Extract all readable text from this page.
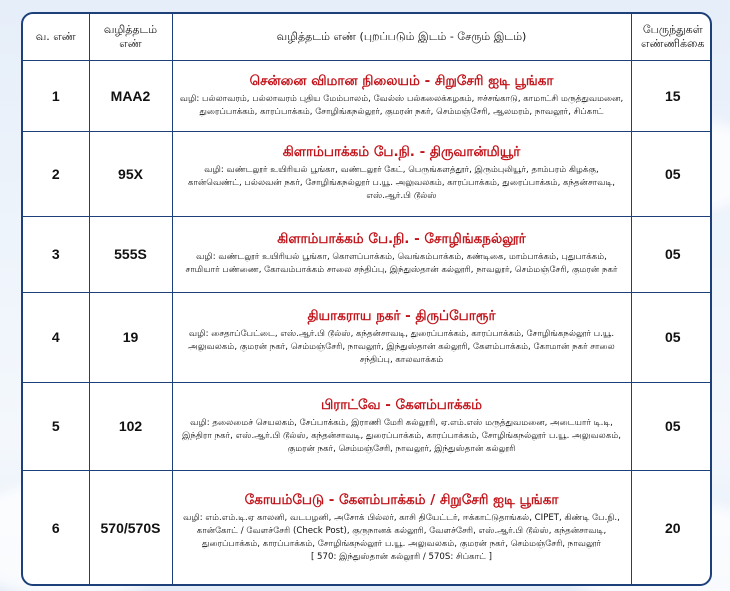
வ. எண்	வழித்தடம் எண்	வழித்தடம் எண் (புறப்படும் இடம் - சேரும் இடம்)	பேருந்துகள் எண்ணிக்கை
1	MAA2	சென்னை விமான நிலையம் - சிறுசேரி ஐடி பூங்கா
வழி: பல்லாவரம், பல்லாவரம் புதிய மேம்பாலம், வேல்ஸ் பல்கலைக்கழகம், ஈச்சங்காடு, காமாட்சி மருத்துவமனை, துரைப்பாக்கம், காரப்பாக்கம், சோழிங்கநல்லூர், குமரன் நகர், செம்மஞ்சேரி, ஆலமரம், நாவலூர், சிப்காட்	15
2	95X	கிளாம்பாக்கம் பே.நி. - திருவான்மியூர்
வழி: வண்டலூர் உயிரியல் பூங்கா, வண்டலூர் கேட், பெருங்களத்தூர், இரும்புலியூர், தாம்பரம் கிழக்கு, கான்வெண்ட், பல்லவன் நகர், சோழிங்கநல்லூர் ப.யூ. அலுவலகம், காரப்பாக்கம், துரைப்பாக்கம், கந்தன்சாவடி, எஸ்.ஆர்.பி டூல்ஸ்	05
3	555S	கிளாம்பாக்கம் பே.நி. - சோழிங்கநல்லூர்
வழி: வண்டலூர் உயிரியல் பூங்கா, கொளப்பாக்கம், வெங்கம்பாக்கம், கண்டிகை, மாம்பாக்கம், புதுபாக்கம், சாமியார் பண்ணை, கோவம்பாக்கம் சாலை சந்திப்பு, இந்துஸ்தான் கல்லூரி, நாவலூர், செம்மஞ்சேரி, குமரன் நகர்	05
4	19	தியாகராய நகர் - திருப்போரூர்
வழி: சைதாப்பேட்டை, எஸ்.ஆர்.பி டூல்ஸ், கந்தன்சாவடி, துரைப்பாக்கம், காரப்பாக்கம், சோழிங்கநல்லூர் ப.யூ. அலுவலகம், குமரன் நகர், செம்மஞ்சேரி, நாவலூர், இந்துஸ்தான் கல்லூரி, கேளம்பாக்கம், கோமான் நகர் சாலை சந்திப்பு, காலவாக்கம்	05
5	102	பிராட்வே - கேளம்பாக்கம்
வழி: தலைமைச் செயலகம், சேப்பாக்கம், இராணி மேரி கல்லூரி, ஏ.எம்.எஸ் மருத்துவமனை, அடையார் டி.டி, இந்திரா நகர், எஸ்.ஆர்.பி டூல்ஸ், கந்தன்சாவடி, துரைப்பாக்கம், காரப்பாக்கம், சோழிங்கநல்லூர் ப.யூ. அலுவலகம், குமரன் நகர், செம்மஞ்சேரி, நாவலூர், இந்துஸ்தான் கல்லூரி	05
6	570/570S	கோயம்பேடு - கேளம்பாக்கம் / சிறுசேரி ஐடி பூங்கா
வழி: எம்.எம்.டி.ஏ காலனி, வடபழனி, அசோக் பில்லர், காசி தியேட்டர், ஈக்காட்டுதாங்கல், CIPET, கிண்டி பே.நி., கான்கோட் / வேளச்சேரி (Check Post), குருநானக் கல்லூரி, வேளச்சேரி, எஸ்.ஆர்.பி டூல்ஸ், கந்தன்சாவடி, துரைப்பாக்கம், காரப்பாக்கம், சோழிங்கநல்லூர் ப.யூ. அலுவலகம், குமரன் நகர், செம்மஞ்சேரி, நாவலூர்
[ 570: இந்துஸ்தான் கல்லூரி / 570S: சிப்காட் ]	20
